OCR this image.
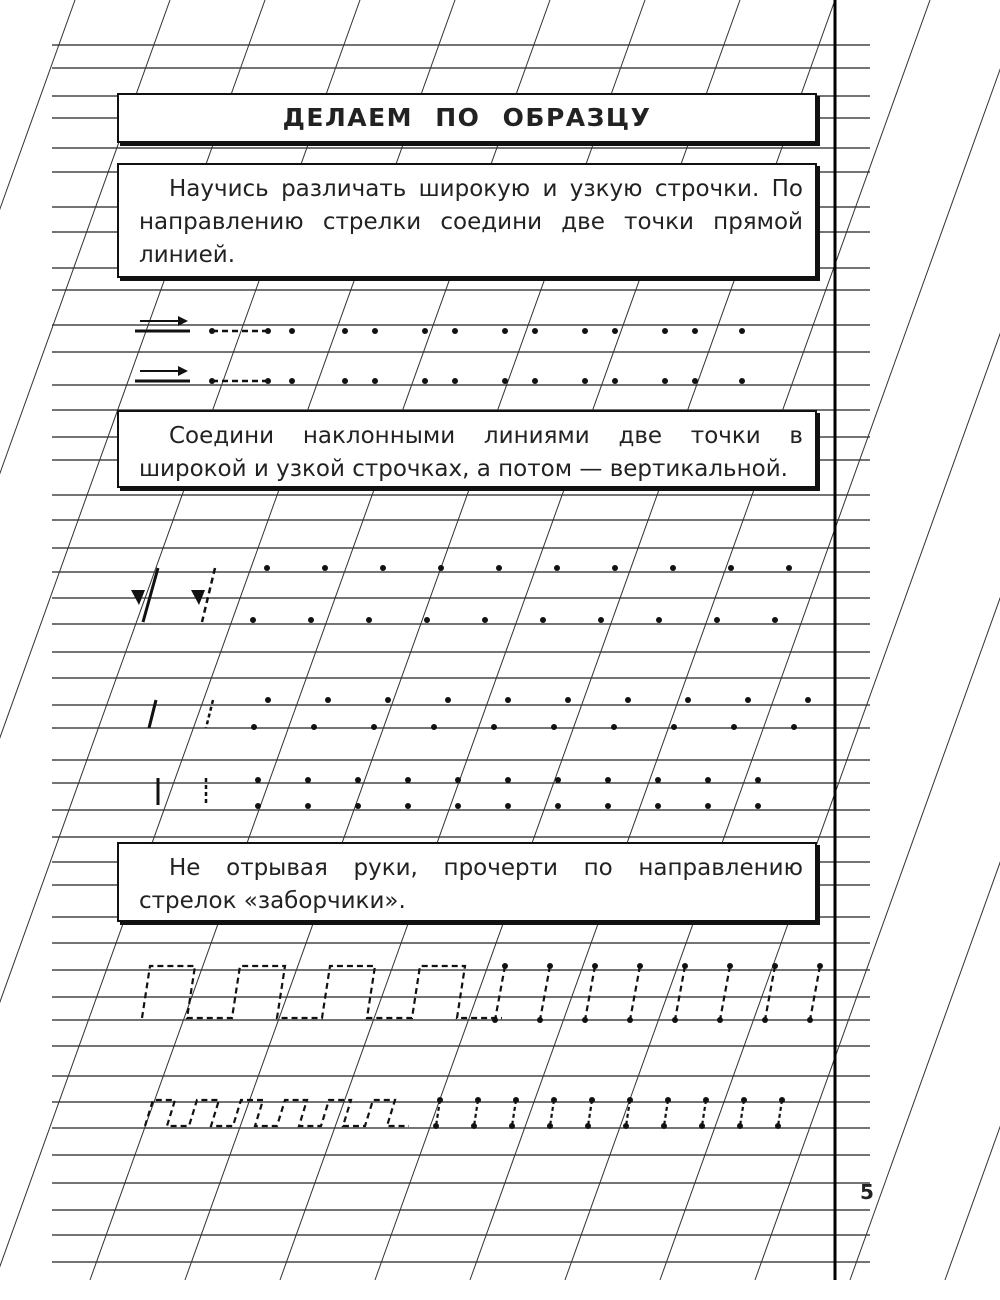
ДЕЛАЕМ ПО ОБРАЗЦУ
Научись различать широкую и узкую строчки. По направлению стрелки соедини две точки прямой линией.
Соедини наклонными линиями две точки в широкой и узкой строчках, а потом — вертикальной.
Не отрывая руки, прочерти по направлению стрелок «заборчики».
5
